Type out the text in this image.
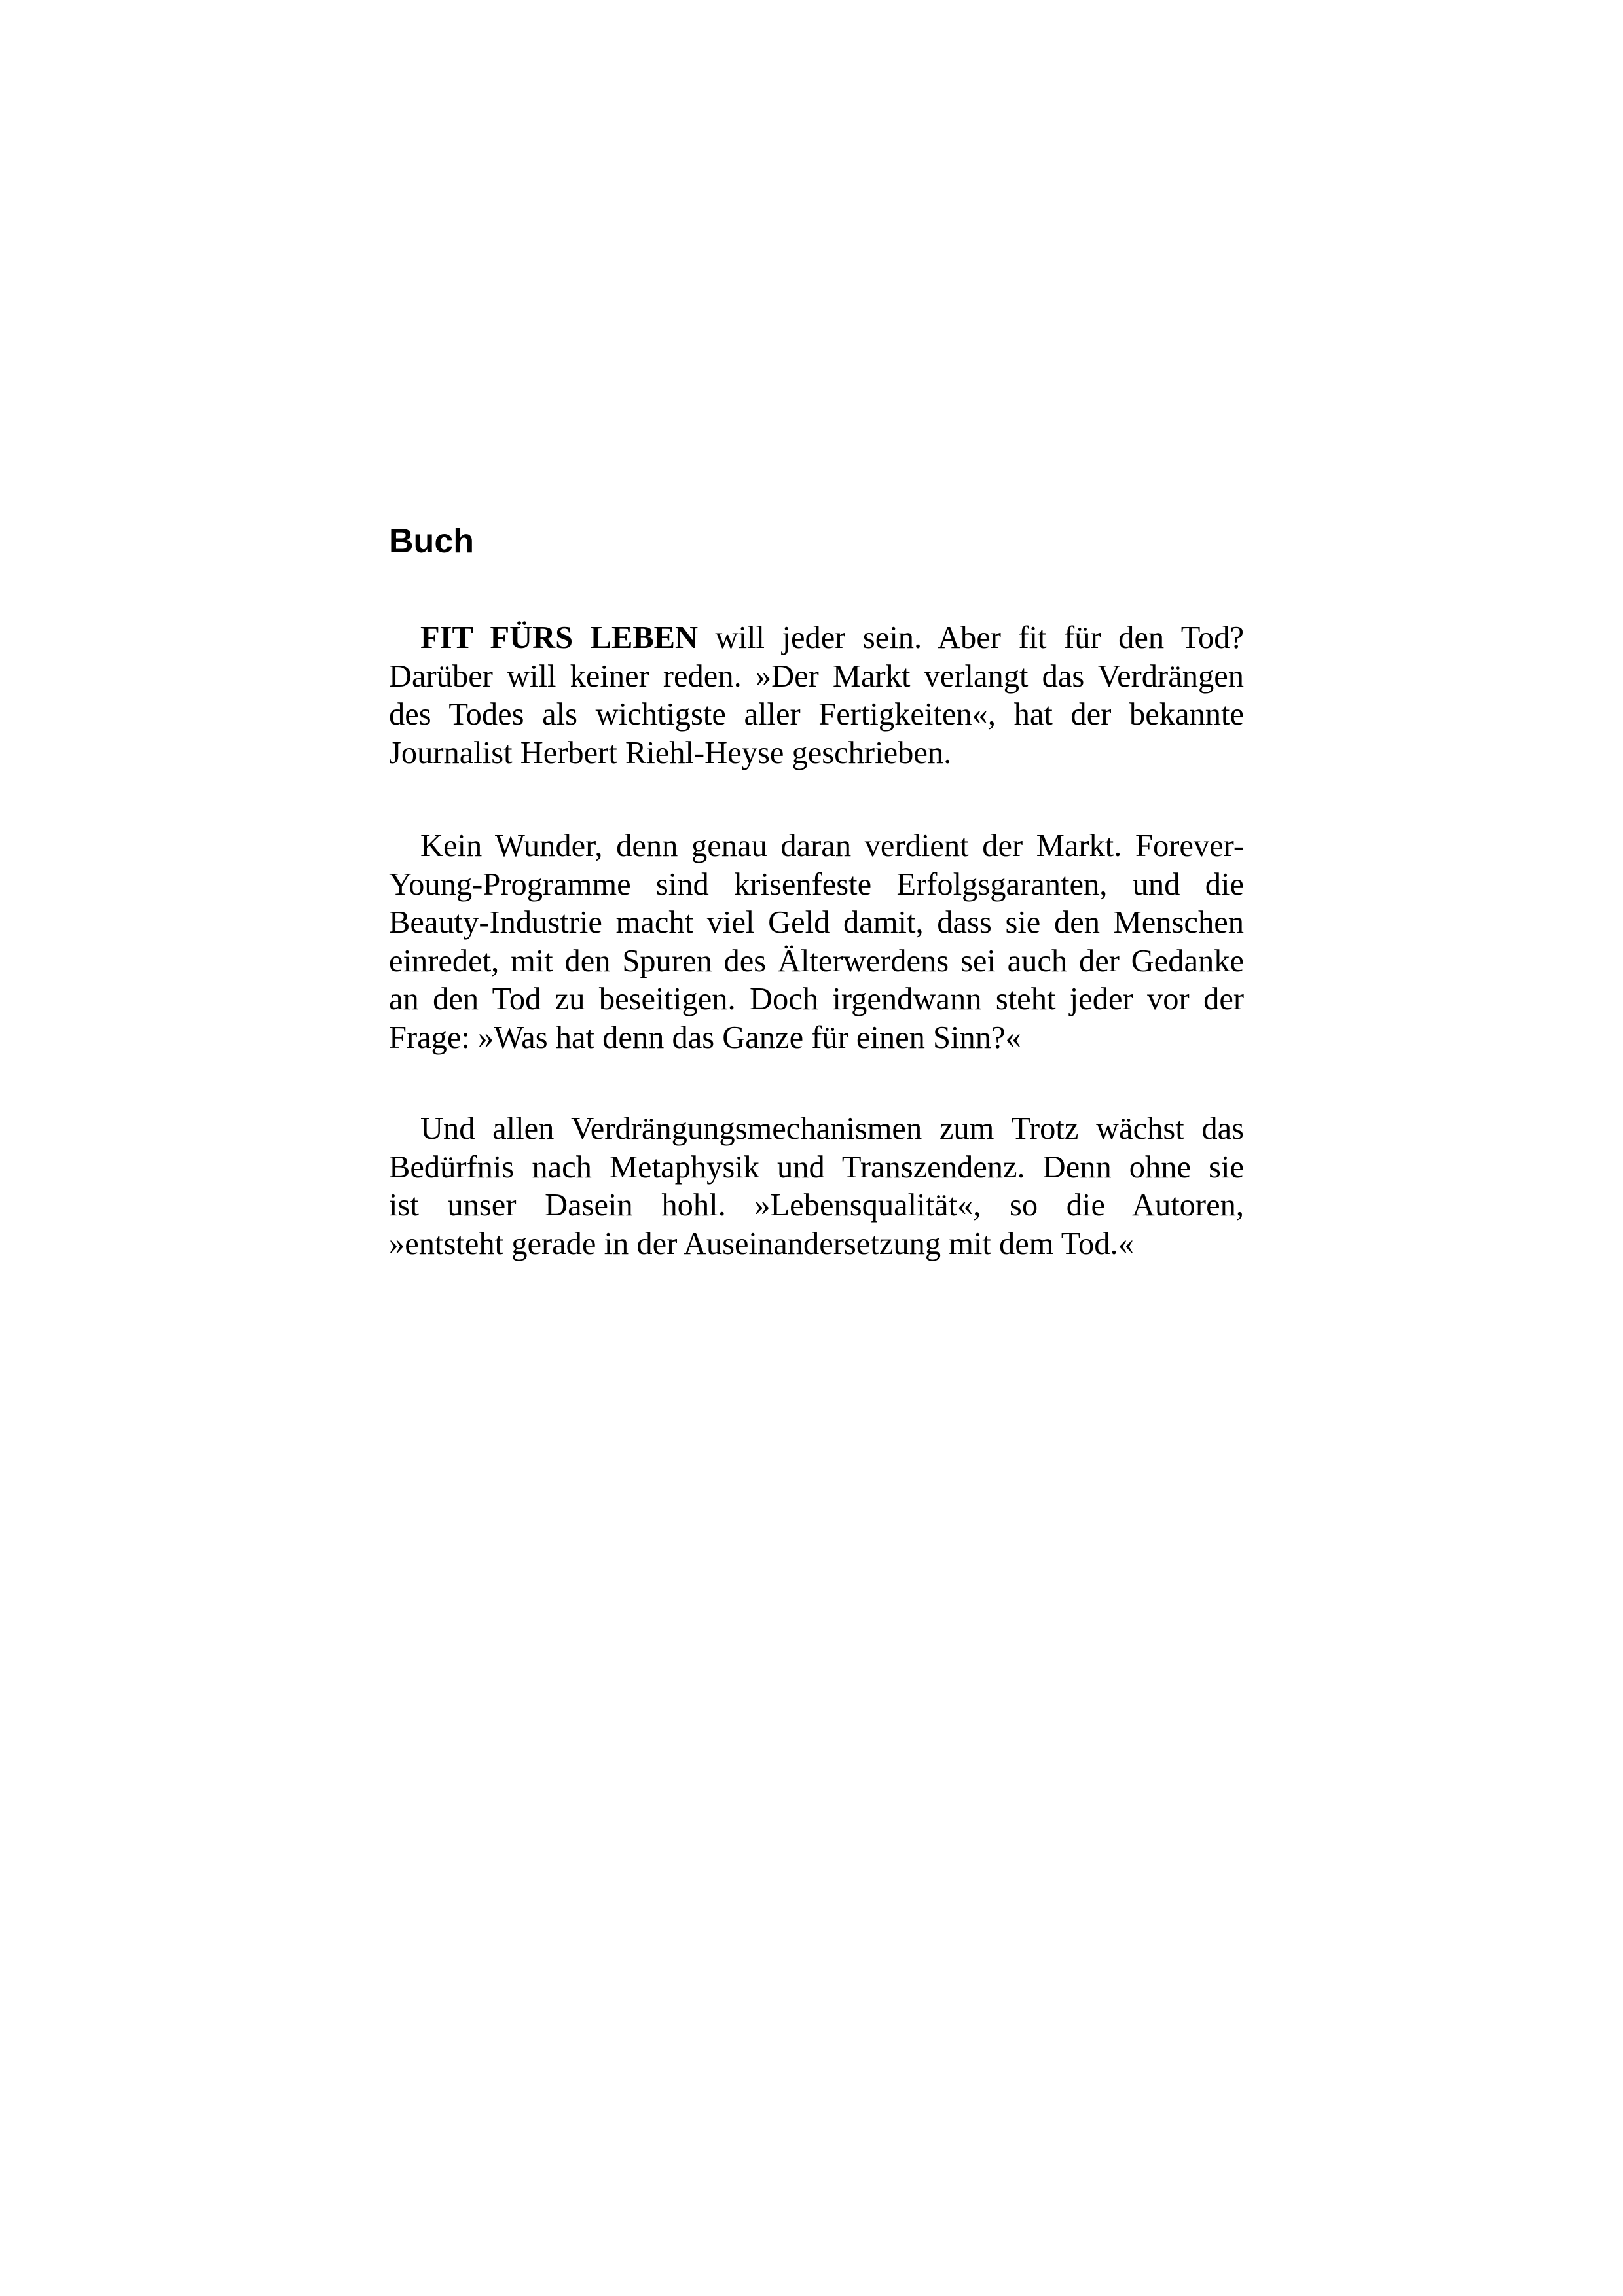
Buch

FIT FÜRS LEBEN will jeder sein. Aber fit für den Tod?
Darüber will keiner reden. »Der Markt verlangt das Verdrängen
des Todes als wichtigste aller Fertigkeiten«, hat der bekannte
Journalist Herbert Riehl-Heyse geschrieben.

Kein Wunder, denn genau daran verdient der Markt. Forever-
Young-Programme sind krisenfeste Erfolgsgaranten, und die
Beauty-Industrie macht viel Geld damit, dass sie den Menschen
einredet, mit den Spuren des Älterwerdens sei auch der Gedanke
an den Tod zu beseitigen. Doch irgendwann steht jeder vor der
Frage: »Was hat denn das Ganze für einen Sinn?«

Und allen Verdrängungsmechanismen zum Trotz wächst das
Bedürfnis nach Metaphysik und Transzendenz. Denn ohne sie
ist unser Dasein hohl. »Lebensqualität«, so die Autoren,
»entsteht gerade in der Auseinandersetzung mit dem Tod.«
